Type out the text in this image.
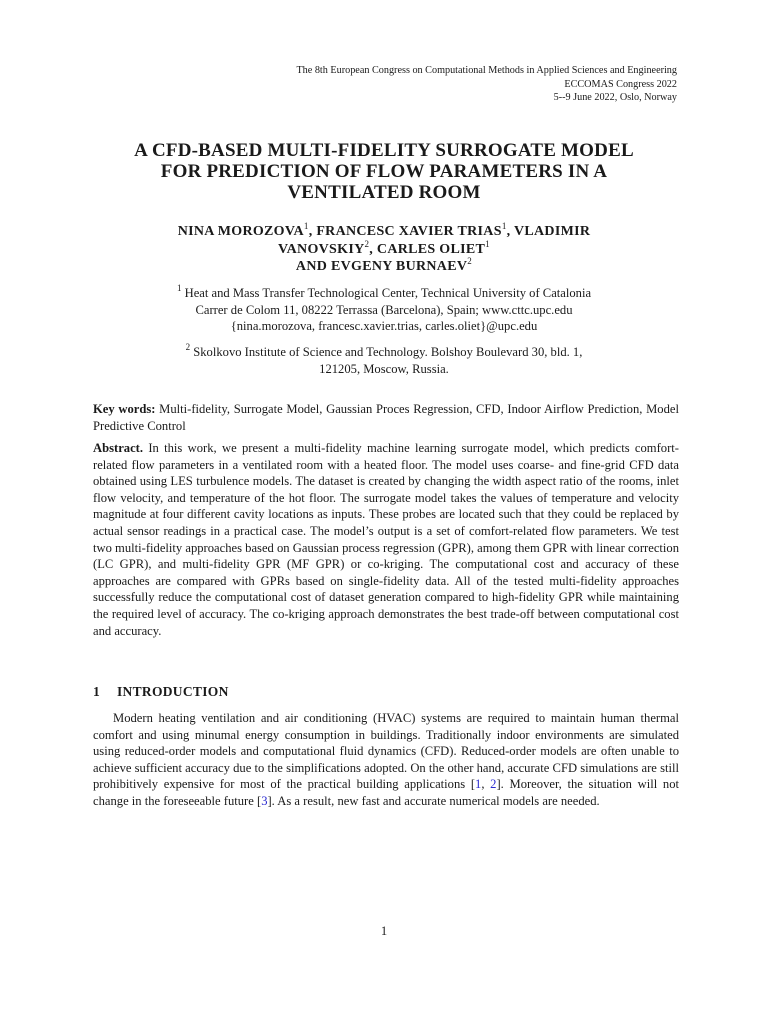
The 8th European Congress on Computational Methods in Applied Sciences and Engineering
ECCOMAS Congress 2022
5--9 June 2022, Oslo, Norway
A CFD-BASED MULTI-FIDELITY SURROGATE MODEL
FOR PREDICTION OF FLOW PARAMETERS IN A
VENTILATED ROOM
NINA MOROZOVA$^1$, FRANCESC XAVIER TRIAS$^1$, VLADIMIR
VANOVSKIY$^2$, CARLES OLIET$^1$
AND EVGENY BURNAEV$^2$
$^1$ Heat and Mass Transfer Technological Center, Technical University of Catalonia
Carrer de Colom 11, 08222 Terrassa (Barcelona), Spain; www.cttc.upc.edu
{nina.morozova, francesc.xavier.trias, carles.oliet}@upc.edu
$^2$ Skolkovo Institute of Science and Technology. Bolshoy Boulevard 30, bld. 1,
121205, Moscow, Russia.
Key words: Multi-fidelity, Surrogate Model, Gaussian Proces Regression, CFD, Indoor Airflow Prediction, Model Predictive Control
Abstract. In this work, we present a multi-fidelity machine learning surrogate model, which predicts comfort-related flow parameters in a ventilated room with a heated floor. The model uses coarse- and fine-grid CFD data obtained using LES turbulence models. The dataset is created by changing the width aspect ratio of the rooms, inlet flow velocity, and temperature of the hot floor. The surrogate model takes the values of temperature and velocity magnitude at four different cavity locations as inputs. These probes are located such that they could be replaced by actual sensor readings in a practical case. The model’s output is a set of comfort-related flow parameters. We test two multi-fidelity approaches based on Gaussian process regression (GPR), among them GPR with linear correction (LC GPR), and multi-fidelity GPR (MF GPR) or co-kriging. The computational cost and accuracy of these approaches are compared with GPRs based on single-fidelity data. All of the tested multi-fidelity approaches successfully reduce the computational cost of dataset generation compared to high-fidelity GPR while maintaining the required level of accuracy. The co-kriging approach demonstrates the best trade-off between computational cost and accuracy.
1 INTRODUCTION
Modern heating ventilation and air conditioning (HVAC) systems are required to maintain human thermal comfort and using minumal energy consumption in buildings. Traditionally indoor environments are simulated using reduced-order models and computational fluid dynamics (CFD). Reduced-order models are often unable to achieve sufficient accuracy due to the simplifications adopted. On the other hand, accurate CFD simulations are still prohibitively expensive for most of the practical building applications [1, 2]. Moreover, the situation will not change in the foreseeable future [3]. As a result, new fast and accurate numerical models are needed.
1
